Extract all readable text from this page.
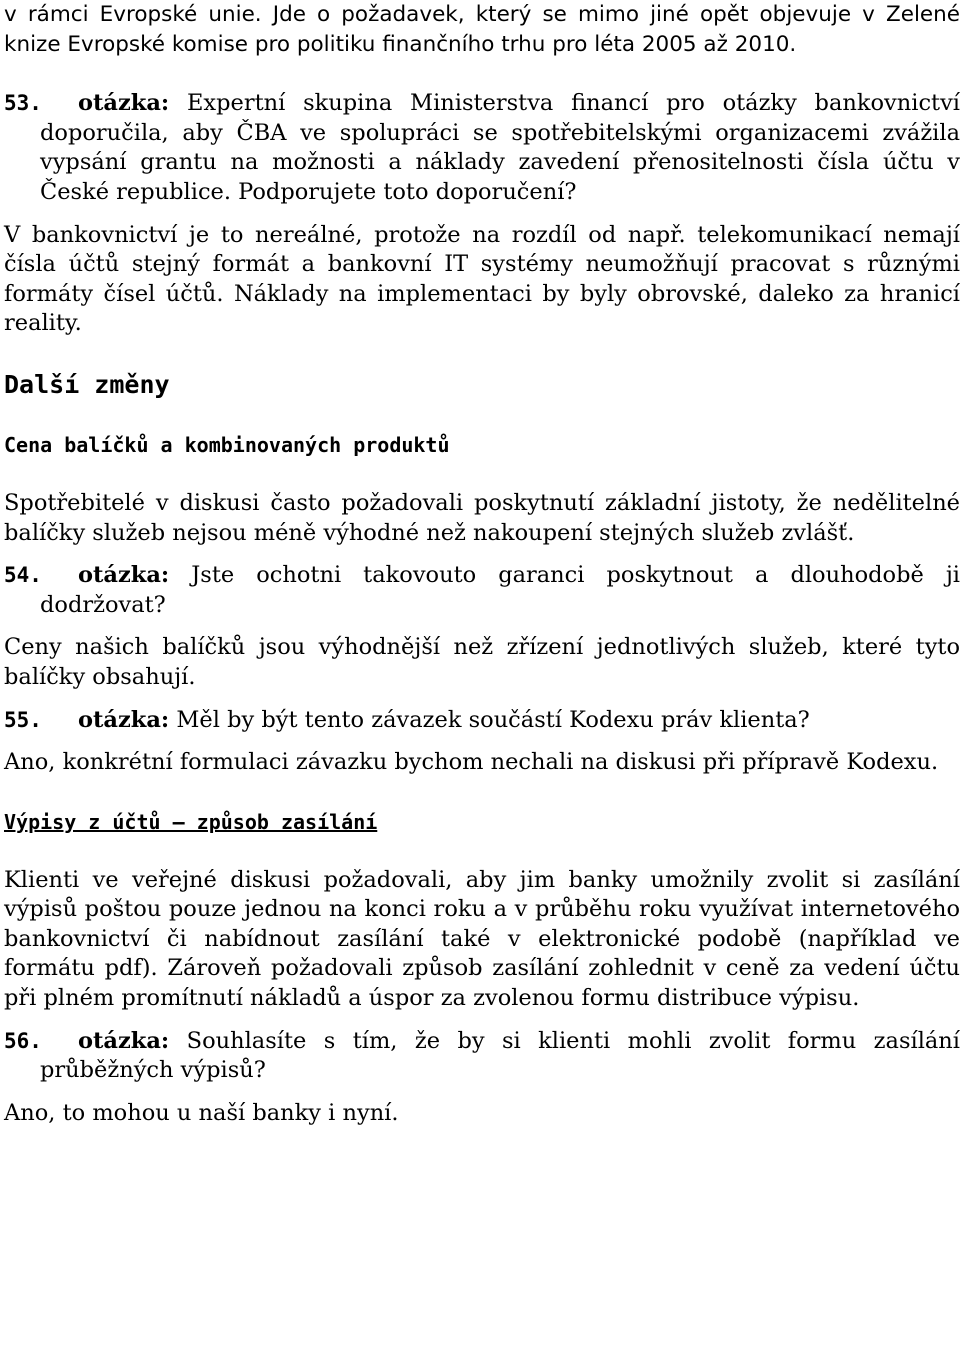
v rámci Evropské unie. Jde o požadavek, který se mimo jiné opět objevuje v Zelené knize Evropské komise pro politiku finančního trhu pro léta 2005 až 2010.

53. otázka: Expertní skupina Ministerstva financí pro otázky bankovnictví doporučila, aby ČBA ve spolupráci se spotřebitelskými organizacemi zvážila vypsání grantu na možnosti a náklady zavedení přenositelnosti čísla účtu v České republice. Podporujete toto doporučení?

V bankovnictví je to nereálné, protože na rozdíl od např. telekomunikací nemají čísla účtů stejný formát a bankovní IT systémy neumožňují pracovat s různými formáty čísel účtů. Náklady na implementaci by byly obrovské, daleko za hranicí reality.

Další změny

Cena balíčků a kombinovaných produktů

Spotřebitelé v diskusi často požadovali poskytnutí základní jistoty, že nedělitelné balíčky služeb nejsou méně výhodné než nakoupení stejných služeb zvlášť.

54. otázka: Jste ochotni takovouto garanci poskytnout a dlouhodobě ji dodržovat?

Ceny našich balíčků jsou výhodnější než zřízení jednotlivých služeb, které tyto balíčky obsahují.

55. otázka: Měl by být tento závazek součástí Kodexu práv klienta?

Ano, konkrétní formulaci závazku bychom nechali na diskusi při přípravě Kodexu.

Výpisy z účtů – způsob zasílání

Klienti ve veřejné diskusi požadovali, aby jim banky umožnily zvolit si zasílání výpisů poštou pouze jednou na konci roku a v průběhu roku využívat internetového bankovnictví či nabídnout zasílání také v elektronické podobě (například ve formátu pdf). Zároveň požadovali způsob zasílání zohlednit v ceně za vedení účtu při plném promítnutí nákladů a úspor za zvolenou formu distribuce výpisu.

56. otázka: Souhlasíte s tím, že by si klienti mohli zvolit formu zasílání průběžných výpisů?

Ano, to mohou u naší banky i nyní.
